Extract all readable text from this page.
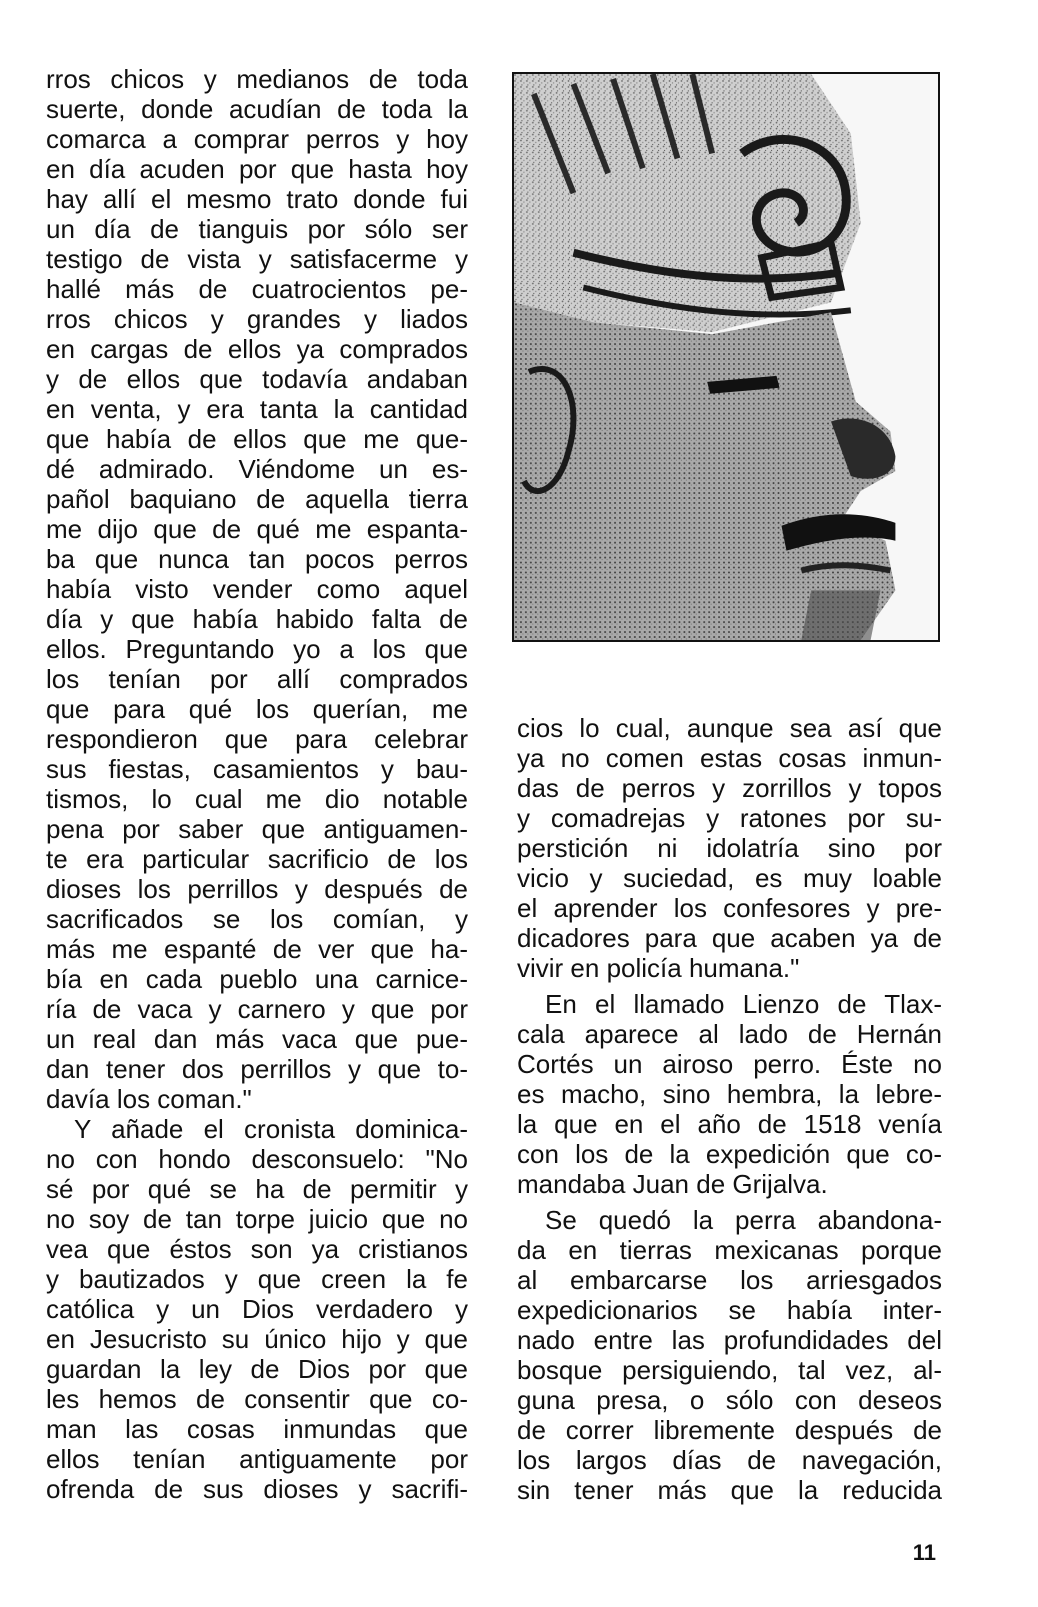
rros chicos y medianos de toda
suerte, donde acudían de toda la
comarca a comprar perros y hoy
en día acuden por que hasta hoy
hay allí el mesmo trato donde fui
un día de tianguis por sólo ser
testigo de vista y satisfacerme y
hallé más de cuatrocientos pe-
rros chicos y grandes y liados
en cargas de ellos ya comprados
y de ellos que todavía andaban
en venta, y era tanta la cantidad
que había de ellos que me que-
dé admirado. Viéndome un es-
pañol baquiano de aquella tierra
me dijo que de qué me espanta-
ba que nunca tan pocos perros
había visto vender como aquel
día y que había habido falta de
ellos. Preguntando yo a los que
los tenían por allí comprados
que para qué los querían, me
respondieron que para celebrar
sus fiestas, casamientos y bau-
tismos, lo cual me dio notable
pena por saber que antiguamen-
te era particular sacrificio de los
dioses los perrillos y después de
sacrificados se los comían, y
más me espanté de ver que ha-
bía en cada pueblo una carnice-
ría de vaca y carnero y que por
un real dan más vaca que pue-
dan tener dos perrillos y que to-
davía los coman."
Y añade el cronista dominica-
no con hondo desconsuelo: "No
sé por qué se ha de permitir y
no soy de tan torpe juicio que no
vea que éstos son ya cristianos
y bautizados y que creen la fe
católica y un Dios verdadero y
en Jesucristo su único hijo y que
guardan la ley de Dios por que
les hemos de consentir que co-
man las cosas inmundas que
ellos tenían antiguamente por
ofrenda de sus dioses y sacrifi-
cios lo cual, aunque sea así que
ya no comen estas cosas inmun-
das de perros y zorrillos y topos
y comadrejas y ratones por su-
perstición ni idolatría sino por
vicio y suciedad, es muy loable
el aprender los confesores y pre-
dicadores para que acaben ya de
vivir en policía humana."
En el llamado Lienzo de Tlax-
cala aparece al lado de Hernán
Cortés un airoso perro. Éste no
es macho, sino hembra, la lebre-
la que en el año de 1518 venía
con los de la expedición que co-
mandaba Juan de Grijalva.
Se quedó la perra abandona-
da en tierras mexicanas porque
al embarcarse los arriesgados
expedicionarios se había inter-
nado entre las profundidades del
bosque persiguiendo, tal vez, al-
guna presa, o sólo con deseos
de correr libremente después de
los largos días de navegación,
sin tener más que la reducida
11
